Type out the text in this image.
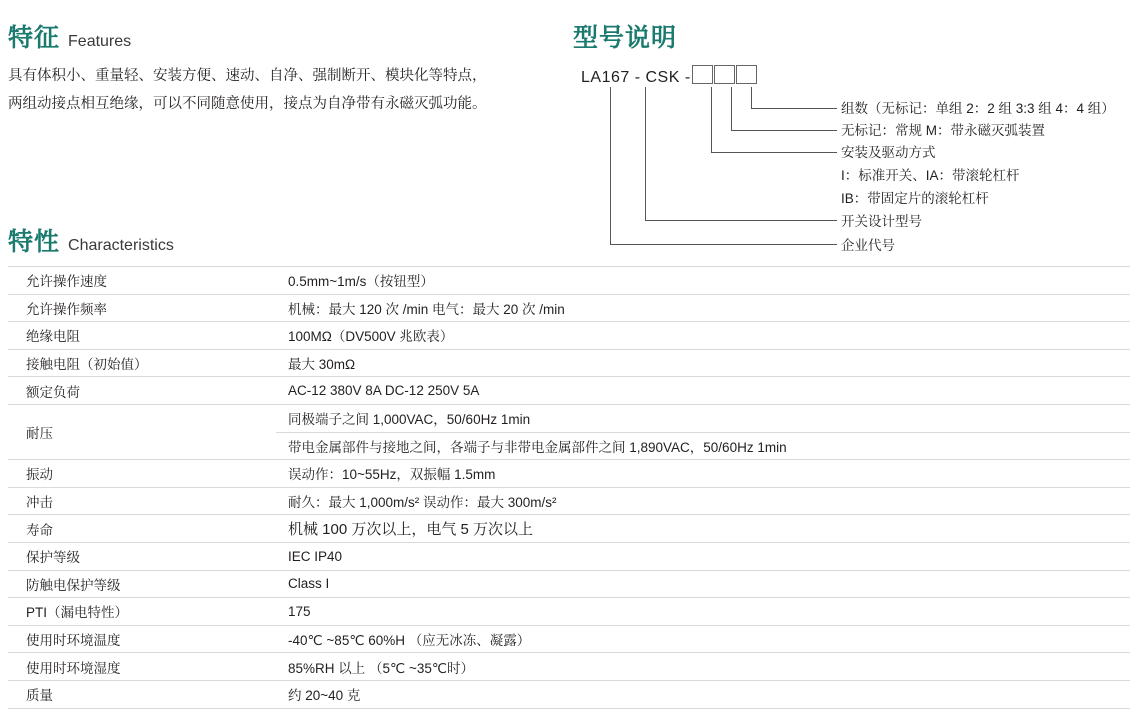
特征 Features
具有体积小、重量轻、安装方便、速动、自净、强制断开、模块化等特点，
两组动接点相互绝缘，可以不同随意使用，接点为自净带有永磁灭弧功能。
型号说明
LA167 - CSK -
组数（无标记：单组 2：2 组 3:3 组 4：4 组）
无标记：常规 M：带永磁灭弧装置
安装及驱动方式
I：标准开关、IA：带滚轮杠杆
IB：带固定片的滚轮杠杆
开关设计型号
企业代号
特性 Characteristics
允许操作速度	0.5mm~1m/s（按钮型）
允许操作频率	机械：最大 120 次 /min 电气：最大 20 次 /min
绝缘电阻	100MΩ（DV500V 兆欧表）
接触电阻（初始值）	最大 30mΩ
额定负荷	AC-12 380V 8A DC-12 250V 5A
耐压	同极端子之间 1,000VAC，50/60Hz 1min
	带电金属部件与接地之间，各端子与非带电金属部件之间 1,890VAC，50/60Hz 1min
振动	误动作：10~55Hz，双振幅 1.5mm
冲击	耐久：最大 1,000m/s² 误动作：最大 300m/s²
寿命	机械 100 万次以上，电气 5 万次以上
保护等级	IEC IP40
防触电保护等级	Class I
PTI（漏电特性）	175
使用时环境温度	-40℃ ~85℃ 60%H （应无冰冻、凝露）
使用时环境湿度	85%RH 以上 （5℃ ~35℃时）
质量	约 20~40 克
